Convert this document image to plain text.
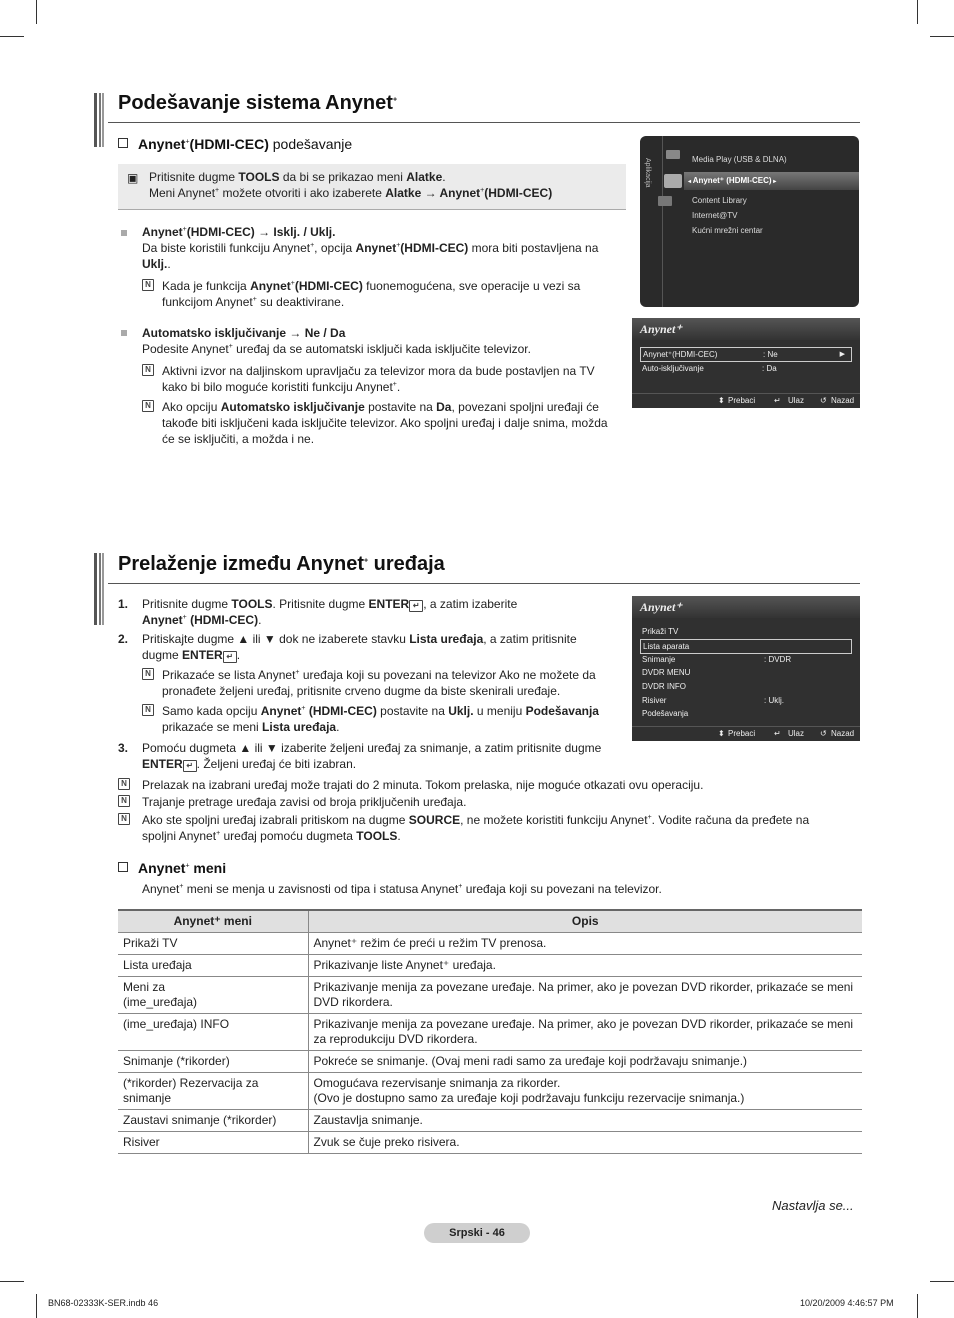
Podešavanje sistema Anynet+
Anynet+(HDMI-CEC) podešavanje
▣ Pritisnite dugme TOOLS da bi se prikazao meni Alatke.
Meni Anynet+ možete otvoriti i ako izaberete Alatke → Anynet+(HDMI-CEC)
Anynet+(HDMI-CEC) → Isklj. / Uklj.
Da biste koristili funkciju Anynet+, opcija Anynet+(HDMI-CEC) mora biti postavljena na
Uklj..
N Kada je funkcija Anynet+(HDMI-CEC) fuonemogućena, sve operacije u vezi sa
funkcijom Anynet+ su deaktivirane.
Automatsko isključivanje → Ne / Da
Podesite Anynet+ uređaj da se automatski isključi kada isključite televizor.
N Aktivni izvor na daljinskom upravljaču za televizor mora da bude postavljen na TV
kako bi bilo moguće koristiti funkciju Anynet+.
N Ako opciju Automatsko isključivanje postavite na Da, povezani spoljni uređaji će
takođe biti isključeni kada isključite televizor. Ako spoljni uređaj i dalje snima, možda
će se isključiti, a možda i ne.
Aplikacija	Media Play (USB & DLNA)
◂ Anynet⁺ (HDMI-CEC) ▸
Content Library
Internet@TV
Kućni mrežni centar
Anynet⁺
Anynet⁺(HDMI-CEC)	: Ne	▶
Auto-isključivanje	: Da
⬍ Prebaci ↵ Ulaz ↺ Nazad
Prelaženje između Anynet+ uređaja
1. Pritisnite dugme TOOLS. Pritisnite dugme ENTER ↵ , a zatim izaberite
Anynet+ (HDMI-CEC).
2. Pritiskajte dugme ▲ ili ▼ dok ne izaberete stavku Lista uređaja, a zatim pritisnite
dugme ENTER ↵ .
N Prikazaće se lista Anynet+ uređaja koji su povezani na televizor Ako ne možete da
pronađete željeni uređaj, pritisnite crveno dugme da biste skenirali uređaje.
N Samo kada opciju Anynet+ (HDMI-CEC) postavite na Uklj. u meniju Podešavanja
prikazaće se meni Lista uređaja.
3. Pomoću dugmeta ▲ ili ▼ izaberite željeni uređaj za snimanje, a zatim pritisnite dugme
ENTER ↵ . Željeni uređaj će biti izabran.
N Prelazak na izabrani uređaj može trajati do 2 minuta. Tokom prelaska, nije moguće otkazati ovu operaciju.
N Trajanje pretrage uređaja zavisi od broja priključenih uređaja.
N Ako ste spoljni uređaj izabrali pritiskom na dugme SOURCE, ne možete koristiti funkciju Anynet+. Vodite računa da pređete na
spoljni Anynet+ uređaj pomoću dugmeta TOOLS.
Anynet+ meni
Anynet+ meni se menja u zavisnosti od tipa i statusa Anynet+ uređaja koji su povezani na televizor.
Anynet⁺
Prikaži TV
Lista aparata
Snimanje	: DVDR
DVDR MENU
DVDR INFO
Risiver	: Uklj.
Podešavanja
⬍ Prebaci ↵ Ulaz ↺ Nazad
Anynet⁺ meni	Opis
Prikaži TV	Anynet⁺ režim će preći u režim TV prenosa.
Lista uređaja	Prikazivanje liste Anynet⁺ uređaja.
Meni za
(ime_uređaja)	Prikazivanje menija za povezane uređaje. Na primer, ako je povezan DVD rikorder, prikazaće se meni DVD rikordera.
(ime_uređaja) INFO	Prikazivanje menija za povezane uređaje. Na primer, ako je povezan DVD rikorder, prikazaće se meni za reprodukciju DVD rikordera.
Snimanje (*rikorder)	Pokreće se snimanje. (Ovaj meni radi samo za uređaje koji podržavaju snimanje.)
(*rikorder) Rezervacija za snimanje	Omogućava rezervisanje snimanja za rikorder.
(Ovo je dostupno samo za uređaje koji podržavaju funkciju rezervacije snimanja.)
Zaustavi snimanje (*rikorder)	Zaustavlja snimanje.
Risiver	Zvuk se čuje preko risivera.
Nastavlja se...
Srpski - 46
BN68-02333K-SER.indb 46	10/20/2009 4:46:57 PM
